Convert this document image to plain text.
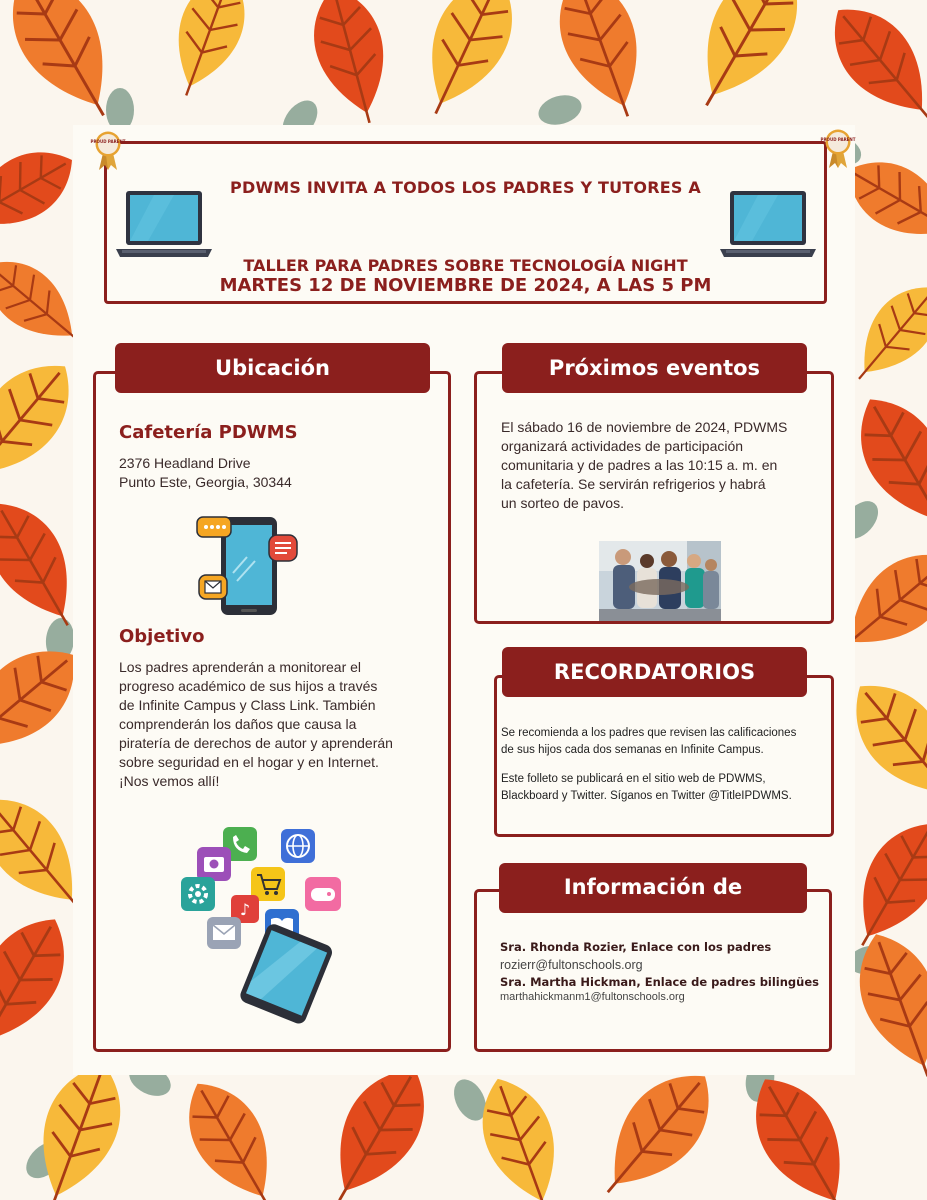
PDWMS INVITA A TODOS LOS PADRES Y TUTORES A
TALLER PARA PADRES SOBRE TECNOLOGÍA NIGHT
MARTES 12 DE NOVIEMBRE DE 2024, A LAS 5 PM
PROUD PARENT	PROUD PARENT
Ubicación
Cafetería PDWMS
2376 Headland Drive
Punto Este, Georgia, 30344
Objetivo
Los padres aprenderán a monitorear el
progreso académico de sus hijos a través
de Infinite Campus y Class Link. También
comprenderán los daños que causa la
piratería de derechos de autor y aprenderán
sobre seguridad en el hogar y en Internet.
¡Nos vemos allí!
♪
Próximos eventos
El sábado 16 de noviembre de 2024, PDWMS
organizará actividades de participación
comunitaria y de padres a las 10:15 a. m. en
la cafetería. Se servirán refrigerios y habrá
un sorteo de pavos.
RECORDATORIOS
Se recomienda a los padres que revisen las calificaciones
de sus hijos cada dos semanas en Infinite Campus.
Este folleto se publicará en el sitio web de PDWMS,
Blackboard y Twitter. Síganos en Twitter @TitleIPDWMS.
Información de
Sra. Rhonda Rozier, Enlace con los padres
rozierr@fultonschools.org
Sra. Martha Hickman, Enlace de padres bilingües
marthahickmanm1@fultonschools.org
